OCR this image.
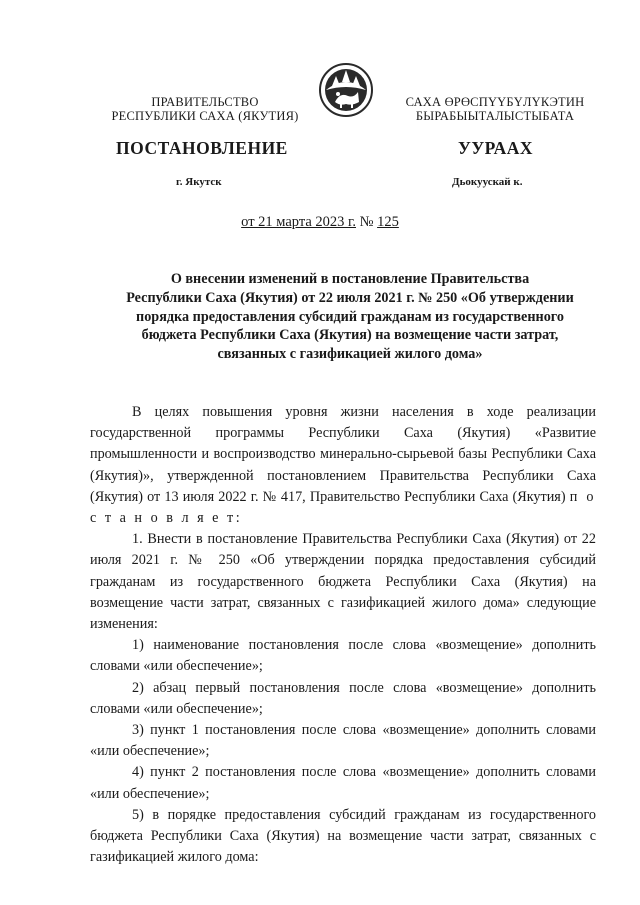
ПРАВИТЕЛЬСТВО
РЕСПУБЛИКИ САХА (ЯКУТИЯ)
САХА ӨРӨСПҮҮБҮЛҮКЭТИН
БЫРАБЫЫТАЛЫСТЫБАТА
ПОСТАНОВЛЕНИЕ	УУРААХ
г. Якутск	Дьокуускай к.
от 21 марта 2023 г. № 125
О внесении изменений в постановление Правительства
Республики Саха (Якутия) от 22 июля 2021 г. № 250 «Об утверждении
порядка предоставления субсидий гражданам из государственного
бюджета Республики Саха (Якутия) на возмещение части затрат,
связанных с газификацией жилого дома»

В целях повышения уровня жизни населения в ходе реализации государственной программы Республики Саха (Якутия) «Развитие промышленности и воспроизводство минерально-сырьевой базы Республики Саха (Якутия)», утвержденной постановлением Правительства Республики Саха (Якутия) от 13 июля 2022 г. № 417, Правительство Республики Саха (Якутия) п о с т а н о в л я е т:

1. Внести в постановление Правительства Республики Саха (Якутия) от 22 июля 2021 г. № 250 «Об утверждении порядка предоставления субсидий гражданам из государственного бюджета Республики Саха (Якутия) на возмещение части затрат, связанных с газификацией жилого дома» следующие изменения:

1) наименование постановления после слова «возмещение» дополнить словами «или обеспечение»;

2) абзац первый постановления после слова «возмещение» дополнить словами «или обеспечение»;

3) пункт 1 постановления после слова «возмещение» дополнить словами «или обеспечение»;

4) пункт 2 постановления после слова «возмещение» дополнить словами «или обеспечение»;

5) в порядке предоставления субсидий гражданам из государственного бюджета Республики Саха (Якутия) на возмещение части затрат, связанных с газификацией жилого дома:
